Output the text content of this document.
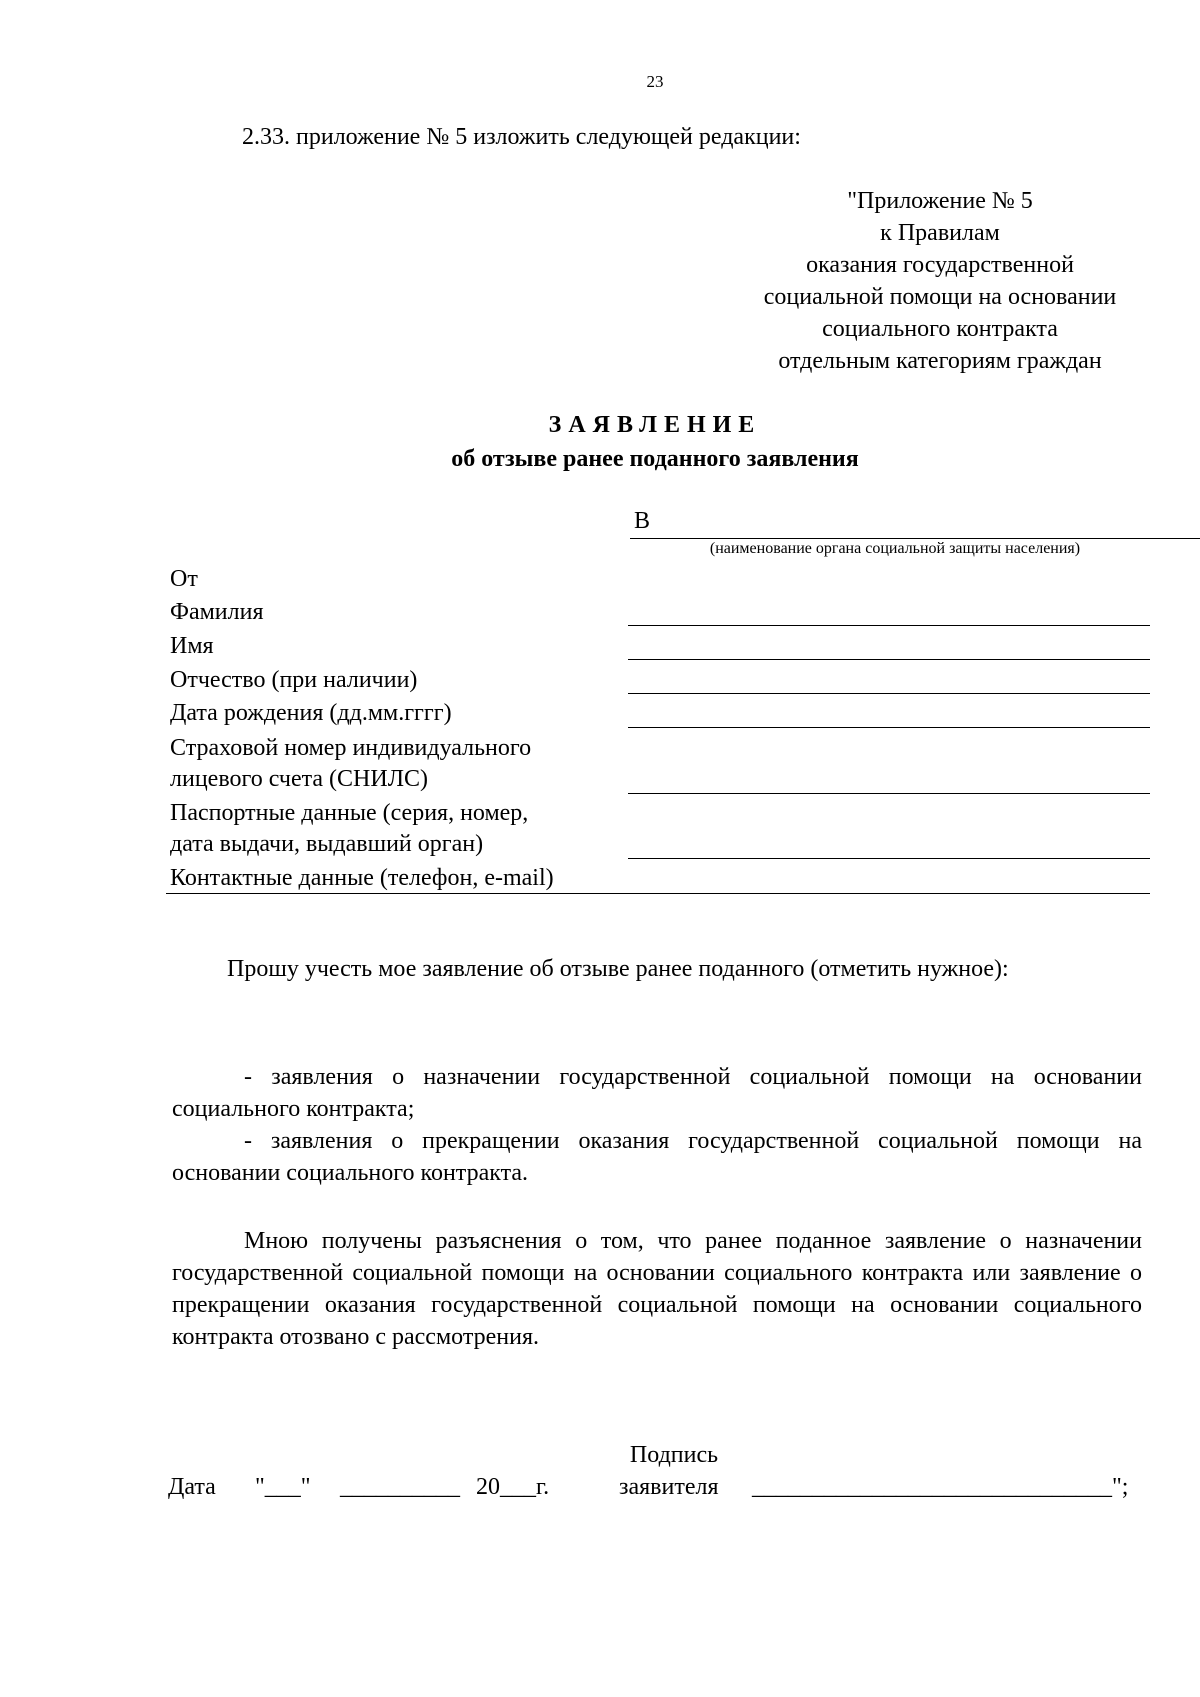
23
2.33. приложение № 5 изложить следующей редакции:
"Приложение № 5
к Правилам
оказания государственной
социальной помощи на основании
социального контракта
отдельным категориям граждан
ЗАЯВЛЕНИЕ
об отзыве ранее поданного заявления
В
(наименование органа социальной защиты населения)
От
Фамилия
Имя
Отчество (при наличии)
Дата рождения (дд.мм.гггг)
Страховой номер индивидуального
лицевого счета (СНИЛС)
Паспортные данные (серия, номер,
дата выдачи, выдавший орган)
Контактные данные (телефон, e-mail)

Прошу учесть мое заявление об отзыве ранее поданного (отметить нужное):

- заявления о назначении государственной социальной помощи на основании социального контракта;

- заявления о прекращении оказания государственной социальной помощи на основании социального контракта.

Мною получены разъяснения о том, что ранее поданное заявление о назначении государственной социальной помощи на основании социального контракта или заявление о прекращении оказания государственной социальной помощи на основании социального контракта отозвано с рассмотрения.

Дата "___" __________ 20___г.
Подпись
заявителя ______________________________";
